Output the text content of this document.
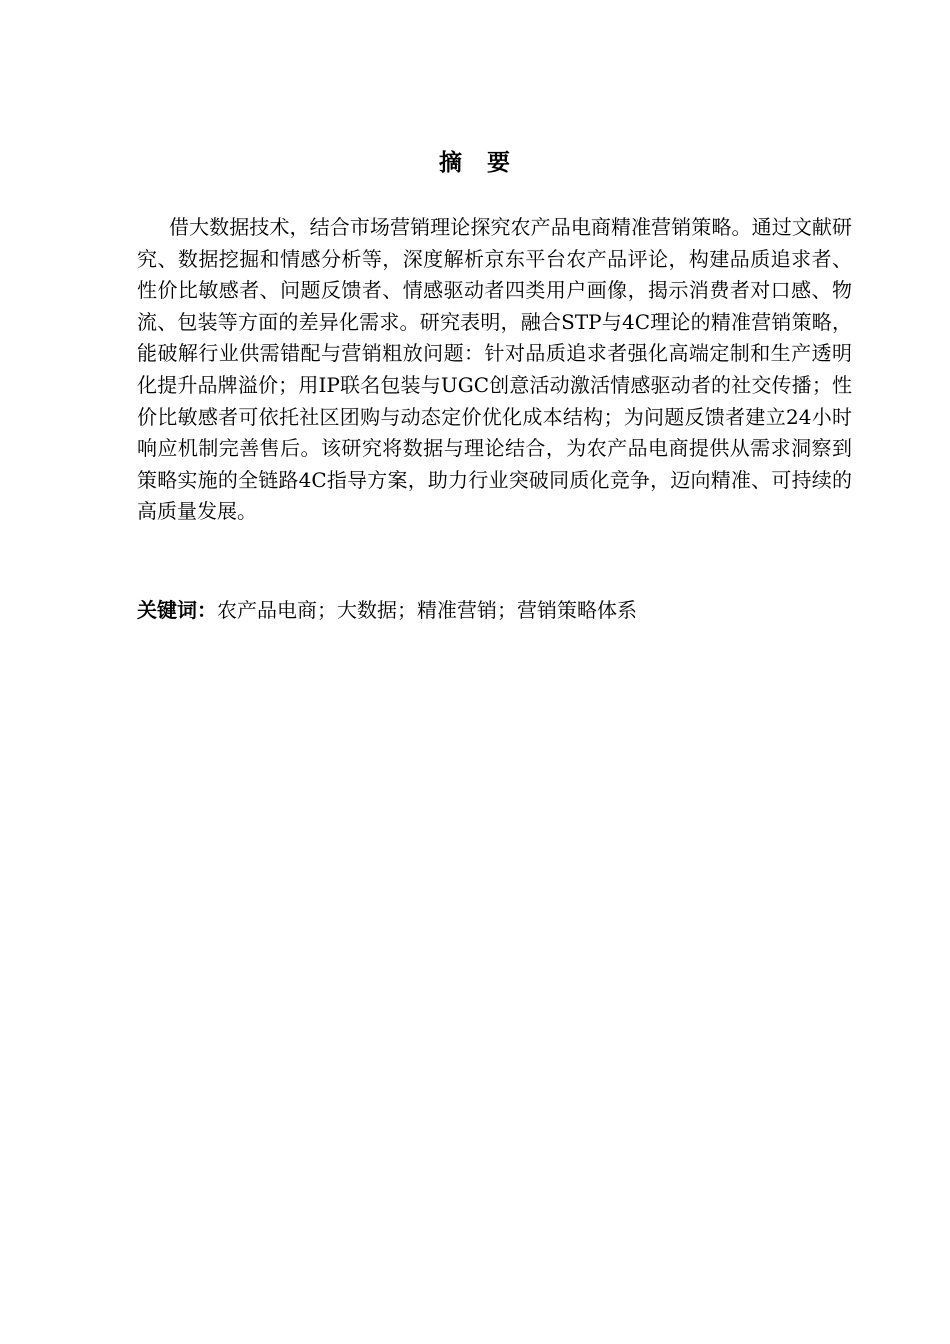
摘 要

借大数据技术，结合市场营销理论探究农产品电商精准营销策略。通过文献研究、数据挖掘和情感分析等，深度解析京东平台农产品评论，构建品质追求者、性价比敏感者、问题反馈者、情感驱动者四类用户画像，揭示消费者对口感、物流、包装等方面的差异化需求。研究表明，融合STP与4C理论的精准营销策略，能破解行业供需错配与营销粗放问题：针对品质追求者强化高端定制和生产透明化提升品牌溢价；用IP联名包装与UGC创意活动激活情感驱动者的社交传播；性价比敏感者可依托社区团购与动态定价优化成本结构；为问题反馈者建立24小时响应机制完善售后。该研究将数据与理论结合，为农产品电商提供从需求洞察到策略实施的全链路4C指导方案，助力行业突破同质化竞争，迈向精准、可持续的高质量发展。

关键词：农产品电商；大数据；精准营销；营销策略体系
